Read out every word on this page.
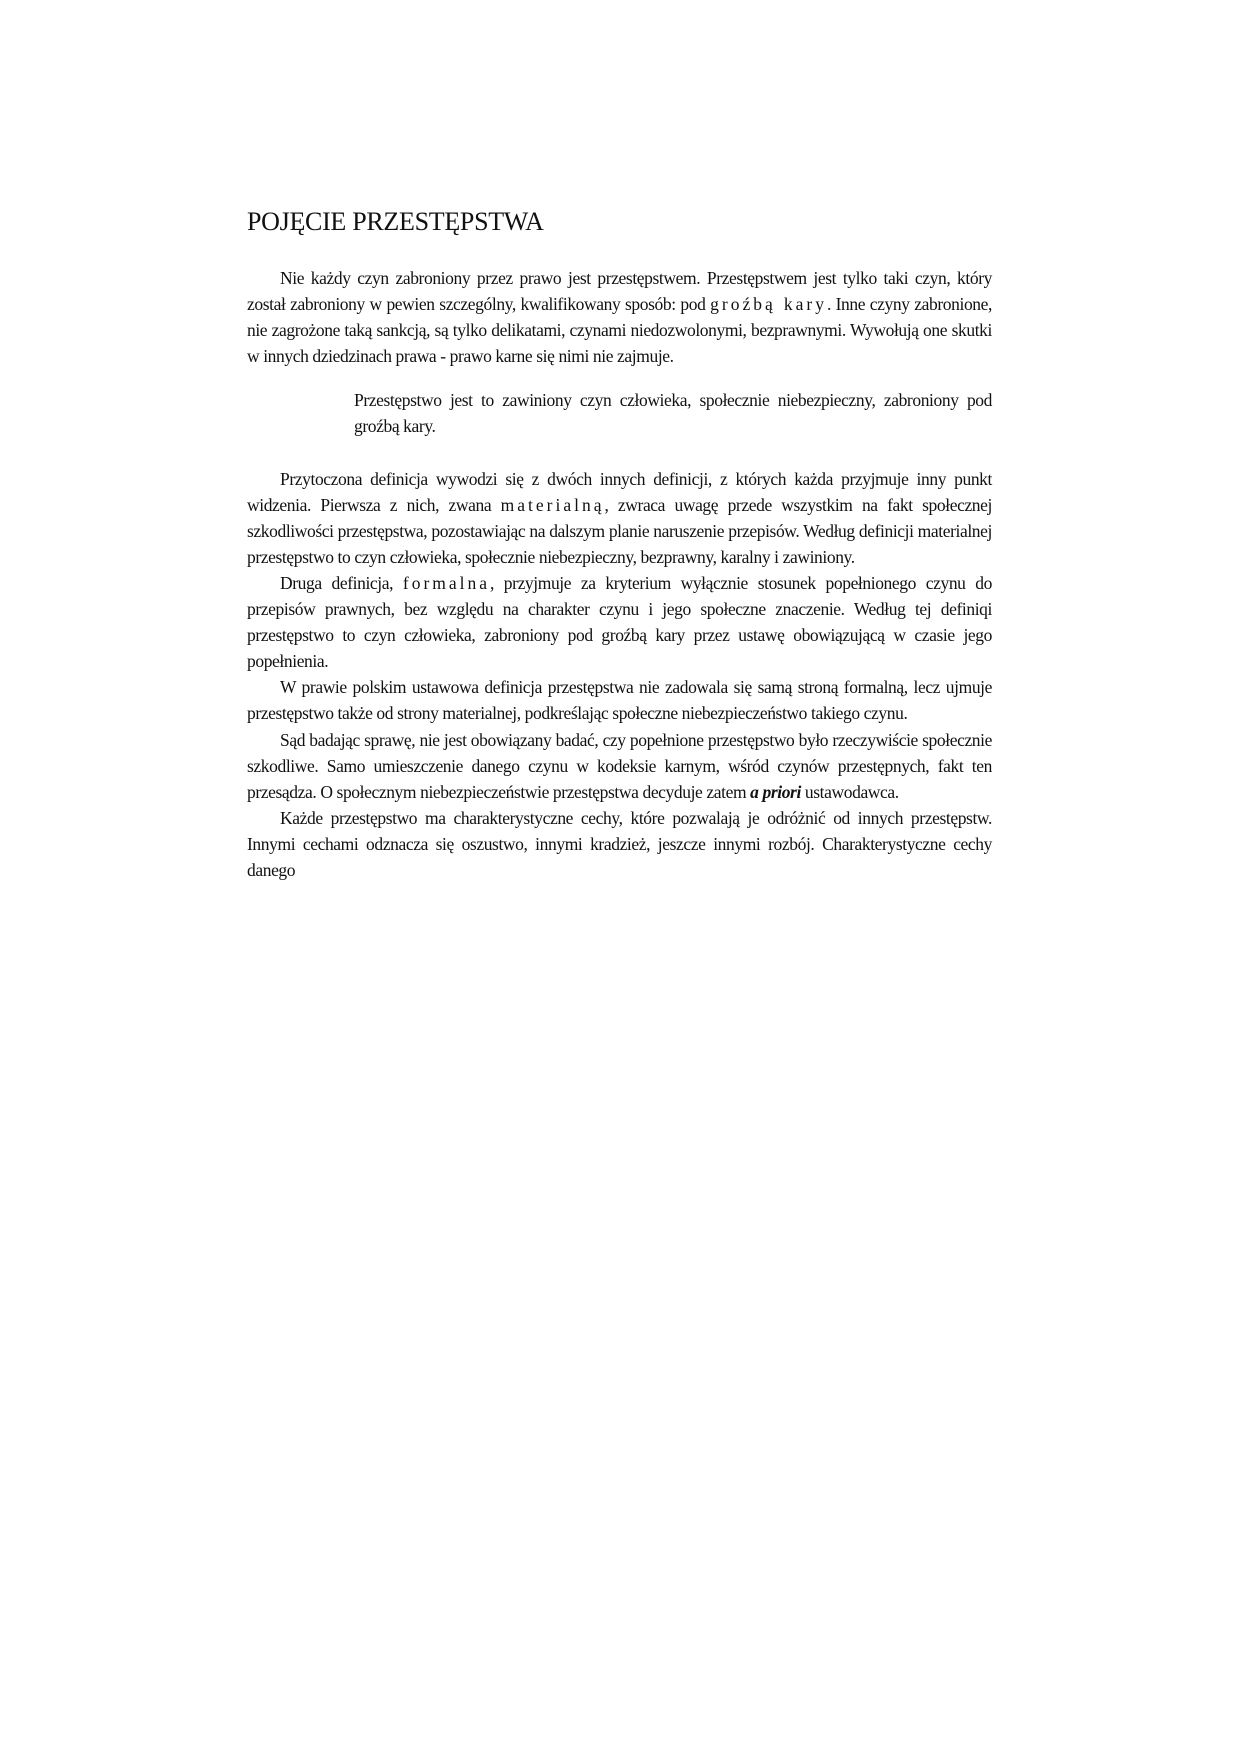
POJĘCIE PRZESTĘPSTWA

Nie każdy czyn zabroniony przez prawo jest przestępstwem. Przestępstwem jest tylko taki czyn, który został zabroniony w pewien szczególny, kwalifikowany sposób: pod groźbą kary. Inne czyny zabronione, nie zagrożone taką sankcją, są tylko delikatami, czynami niedozwolonymi, bezprawnymi. Wywołują one skutki w innych dziedzinach prawa - prawo karne się nimi nie zajmuje.

Przestępstwo jest to zawiniony czyn człowieka, społecznie niebezpieczny, zabroniony pod groźbą kary.

Przytoczona definicja wywodzi się z dwóch innych definicji, z których każda przyjmuje inny punkt widzenia. Pierwsza z nich, zwana materialną, zwraca uwagę przede wszystkim na fakt społecznej szkodliwości przestępstwa, pozostawiając na dalszym planie naruszenie przepisów. Według definicji materialnej przestępstwo to czyn człowieka, społecznie niebezpieczny, bezprawny, karalny i zawiniony.

Druga definicja, formalna, przyjmuje za kryterium wyłącznie stosunek popełnionego czynu do przepisów prawnych, bez względu na charakter czynu i jego społeczne znaczenie. Według tej definiqi przestępstwo to czyn człowieka, zabroniony pod groźbą kary przez ustawę obowiązującą w czasie jego popełnienia.

W prawie polskim ustawowa definicja przestępstwa nie zadowala się samą stroną formalną, lecz ujmuje przestępstwo także od strony materialnej, podkreślając społeczne niebezpieczeństwo takiego czynu.

Sąd badając sprawę, nie jest obowiązany badać, czy popełnione przestępstwo było rzeczywiście społecznie szkodliwe. Samo umieszczenie danego czynu w kodeksie karnym, wśród czynów przestępnych, fakt ten przesądza. O społecznym niebezpieczeństwie przestępstwa decyduje zatem a priori ustawodawca.

Każde przestępstwo ma charakterystyczne cechy, które pozwalają je odróżnić od innych przestępstw. Innymi cechami odznacza się oszustwo, innymi kradzież, jeszcze innymi rozbój. Charakterystyczne cechy danego
